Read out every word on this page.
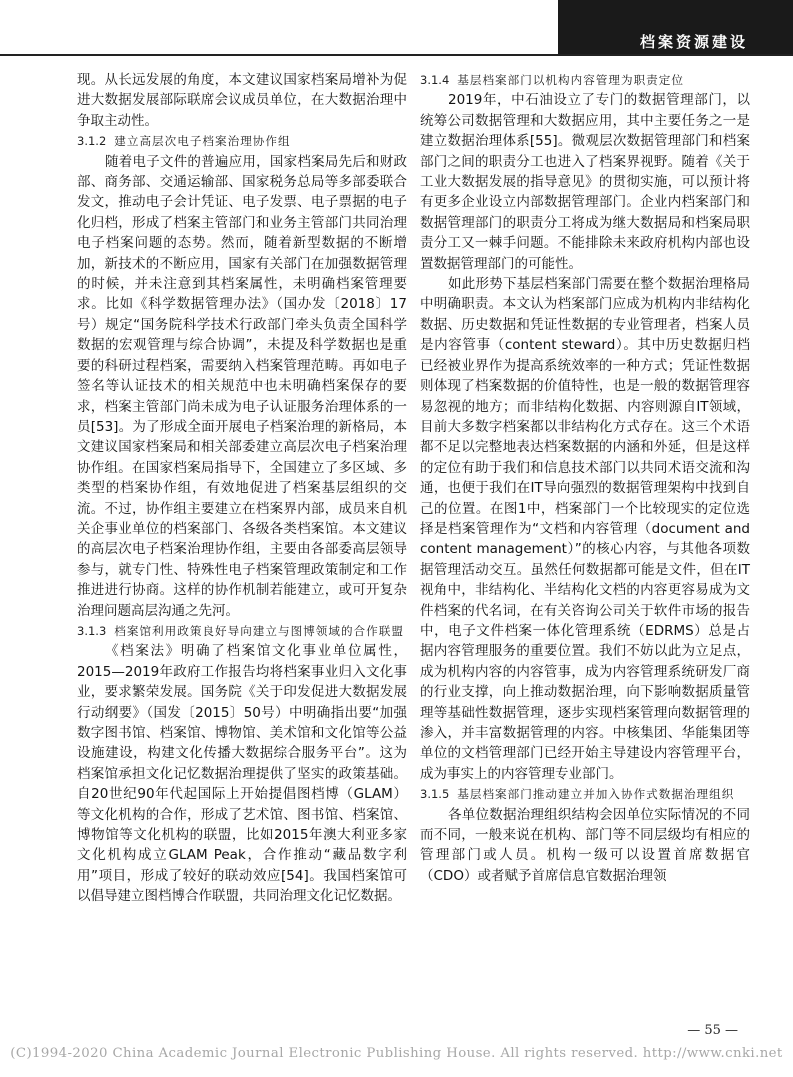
档案资源建设

现。从长远发展的角度，本文建议国家档案局增补为促进大数据发展部际联席会议成员单位，在大数据治理中争取主动性。

3.1.2 建立高层次电子档案治理协作组

随着电子文件的普遍应用，国家档案局先后和财政部、商务部、交通运输部、国家税务总局等多部委联合发文，推动电子会计凭证、电子发票、电子票据的电子化归档，形成了档案主管部门和业务主管部门共同治理电子档案问题的态势。然而，随着新型数据的不断增加，新技术的不断应用，国家有关部门在加强数据管理的时候，并未注意到其档案属性，未明确档案管理要求。比如《科学数据管理办法》（国办发〔2018〕17号）规定“国务院科学技术行政部门牵头负责全国科学数据的宏观管理与综合协调”，未提及科学数据也是重要的科研过程档案，需要纳入档案管理范畴。再如电子签名等认证技术的相关规范中也未明确档案保存的要求，档案主管部门尚未成为电子认证服务治理体系的一员[53]。为了形成全面开展电子档案治理的新格局，本文建议国家档案局和相关部委建立高层次电子档案治理协作组。在国家档案局指导下，全国建立了多区域、多类型的档案协作组，有效地促进了档案基层组织的交流。不过，协作组主要建立在档案界内部，成员来自机关企事业单位的档案部门、各级各类档案馆。本文建议的高层次电子档案治理协作组，主要由各部委高层领导参与，就专门性、特殊性电子档案管理政策制定和工作推进进行协商。这样的协作机制若能建立，或可开复杂治理问题高层沟通之先河。

3.1.3 档案馆利用政策良好导向建立与图博领域的合作联盟

《档案法》明确了档案馆文化事业单位属性，2015—2019年政府工作报告均将档案事业归入文化事业，要求繁荣发展。国务院《关于印发促进大数据发展行动纲要》（国发〔2015〕50号）中明确指出要“加强数字图书馆、档案馆、博物馆、美术馆和文化馆等公益设施建设，构建文化传播大数据综合服务平台”。这为档案馆承担文化记忆数据治理提供了坚实的政策基础。自20世纪90年代起国际上开始提倡图档博（GLAM）等文化机构的合作，形成了艺术馆、图书馆、档案馆、博物馆等文化机构的联盟，比如2015年澳大利亚多家文化机构成立GLAM Peak，合作推动“藏品数字利用”项目，形成了较好的联动效应[54]。我国档案馆可以倡导建立图档博合作联盟，共同治理文化记忆数据。

3.1.4 基层档案部门以机构内容管理为职责定位

2019年，中石油设立了专门的数据管理部门，以统筹公司数据管理和大数据应用，其中主要任务之一是建立数据治理体系[55]。微观层次数据管理部门和档案部门之间的职责分工也进入了档案界视野。随着《关于工业大数据发展的指导意见》的贯彻实施，可以预计将有更多企业设立内部数据管理部门。企业内档案部门和数据管理部门的职责分工将成为继大数据局和档案局职责分工又一棘手问题。不能排除未来政府机构内部也设置数据管理部门的可能性。

如此形势下基层档案部门需要在整个数据治理格局中明确职责。本文认为档案部门应成为机构内非结构化数据、历史数据和凭证性数据的专业管理者，档案人员是内容管事（content steward）。其中历史数据归档已经被业界作为提高系统效率的一种方式；凭证性数据则体现了档案数据的价值特性，也是一般的数据管理容易忽视的地方；而非结构化数据、内容则源自IT领域，目前大多数字档案都以非结构化方式存在。这三个术语都不足以完整地表达档案数据的内涵和外延，但是这样的定位有助于我们和信息技术部门以共同术语交流和沟通，也便于我们在IT导向强烈的数据管理架构中找到自己的位置。在图1中，档案部门一个比较现实的定位选择是档案管理作为“文档和内容管理（document and content management）”的核心内容，与其他各项数据管理活动交互。虽然任何数据都可能是文件，但在IT视角中，非结构化、半结构化文档的内容更容易成为文件档案的代名词，在有关咨询公司关于软件市场的报告中，电子文件档案一体化管理系统（EDRMS）总是占据内容管理服务的重要位置。我们不妨以此为立足点，成为机构内容的内容管事，成为内容管理系统研发厂商的行业支撑，向上推动数据治理，向下影响数据质量管理等基础性数据管理，逐步实现档案管理向数据管理的渗入，并丰富数据管理的内容。中核集团、华能集团等单位的文档管理部门已经开始主导建设内容管理平台，成为事实上的内容管理专业部门。

3.1.5 基层档案部门推动建立并加入协作式数据治理组织

各单位数据治理组织结构会因单位实际情况的不同而不同，一般来说在机构、部门等不同层级均有相应的管理部门或人员。机构一级可以设置首席数据官（CDO）或者赋予首席信息官数据治理领

— 55 —
(C)1994-2020 China Academic Journal Electronic Publishing House. All rights reserved. http://www.cnki.net
